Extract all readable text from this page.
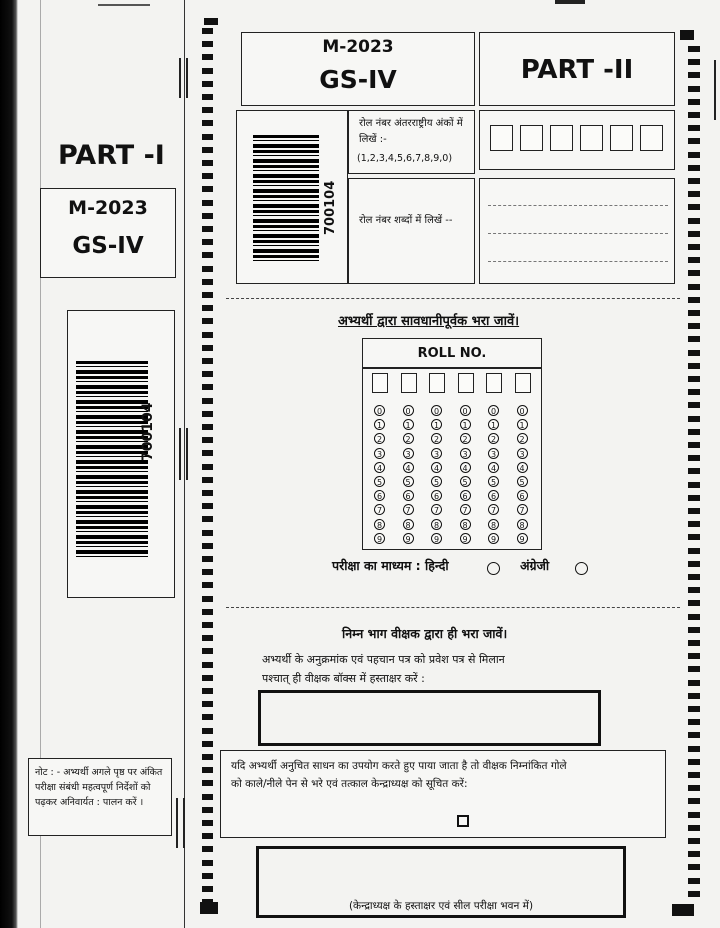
PART -I
M-2023
GS-IV
700104
नोट : - अभ्यर्थी अगले पृष्ठ पर अंकित परीक्षा संबंधी महत्वपूर्ण निर्देशों को पढ़कर अनिवार्यत : पालन करें ।
M-2023
GS-IV	PART -II
700104
रोल नंबर अंतरराष्ट्रीय अंकों में लिखें :-
(1,2,3,4,5,6,7,8,9,0)
रोल नंबर शब्दों में लिखें --
अभ्यर्थी द्वारा सावधानीपूर्वक भरा जावें।
ROLL NO.
0
1
2
3
4
5
6
7
8
9
0
1
2
3
4
5
6
7
8
9
0
1
2
3
4
5
6
7
8
9
0
1
2
3
4
5
6
7
8
9
0
1
2
3
4
5
6
7
8
9
0
1
2
3
4
5
6
7
8
9
परीक्षा का माध्यम : हिन्दी	अंग्रेजी
निम्न भाग वीक्षक द्वारा ही भरा जावें।
अभ्यर्थी के अनुक्रमांक एवं पहचान पत्र को प्रवेश पत्र से मिलान
पश्चात् ही वीक्षक बॉक्स में हस्ताक्षर करें :
यदि अभ्यर्थी अनुचित साधन का उपयोग करते हुए पाया जाता है तो वीक्षक निम्नांकित गोले
को काले/नीले पेन से भरे एवं तत्काल केन्द्राध्यक्ष को सूचित करें:
(केन्द्राध्यक्ष के हस्ताक्षर एवं सील परीक्षा भवन में)
